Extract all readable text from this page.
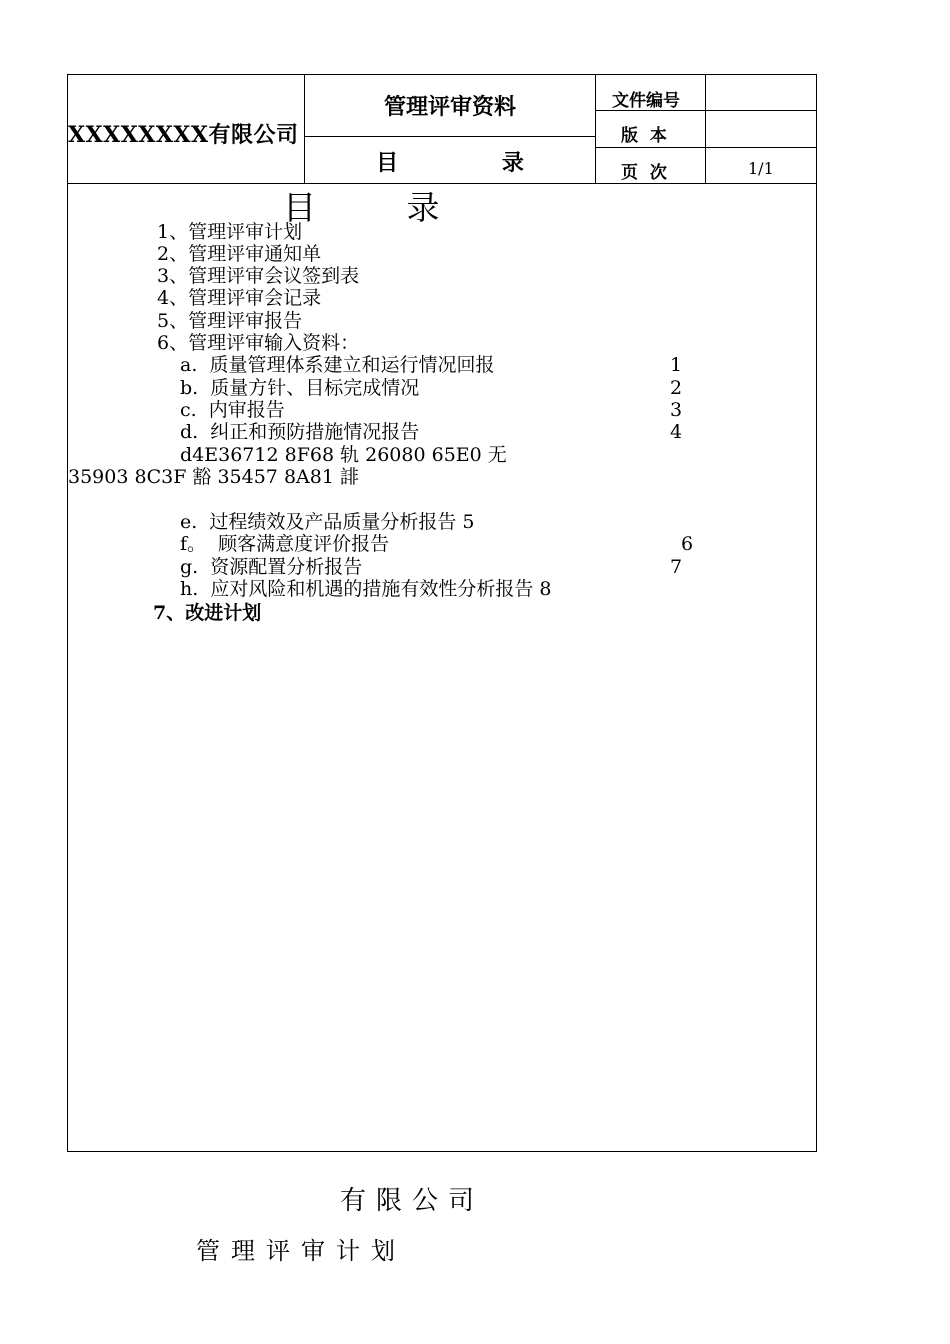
XXXXXXXX有限公司
管理评审资料
目 录
文件编号
版  本
页  次	1/1
目 录
1、管理评审计划
2、管理评审通知单
3、管理评审会议签到表
4、管理评审会记录
5、管理评审报告
6、管理评审输入资料：
a.  质量管理体系建立和运行情况回报	1
b.  质量方针、目标完成情况	2
c.  内审报告	3
d.  纠正和预防措施情况报告	4
d4E36712 8F68 轨 26080 65E0 无
35903 8C3F 豁 35457 8A81 誹
e.  过程绩效及产品质量分析报告 5
f。  顾客满意度评价报告	6
g.  资源配置分析报告	7
h.  应对风险和机遇的措施有效性分析报告 8
7、改进计划
有限公司
管理评审计划
